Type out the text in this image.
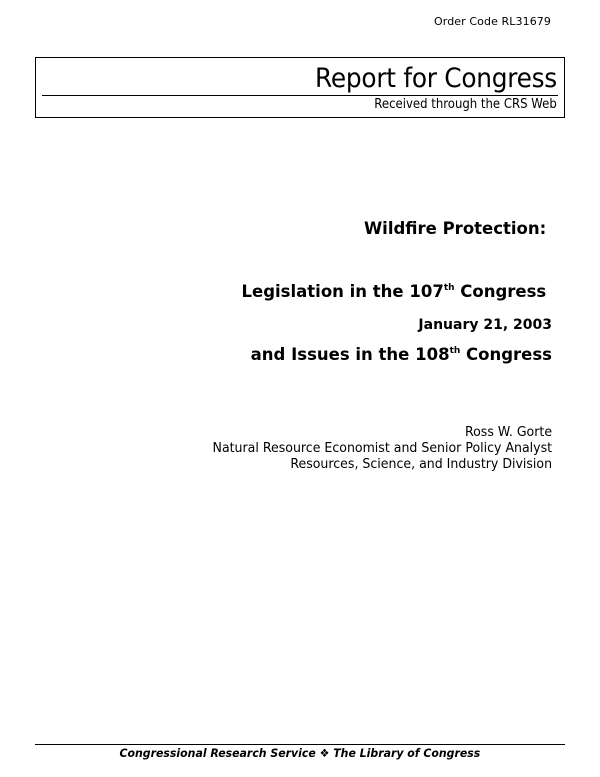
Order Code RL31679
Report for Congress
Received through the CRS Web

Wildfire Protection:

Legislation in the 107th Congress

and Issues in the 108th Congress

January 21, 2003
Ross W. Gorte
Natural Resource Economist and Senior Policy Analyst
Resources, Science, and Industry Division
Congressional Research Service ❖ The Library of Congress
